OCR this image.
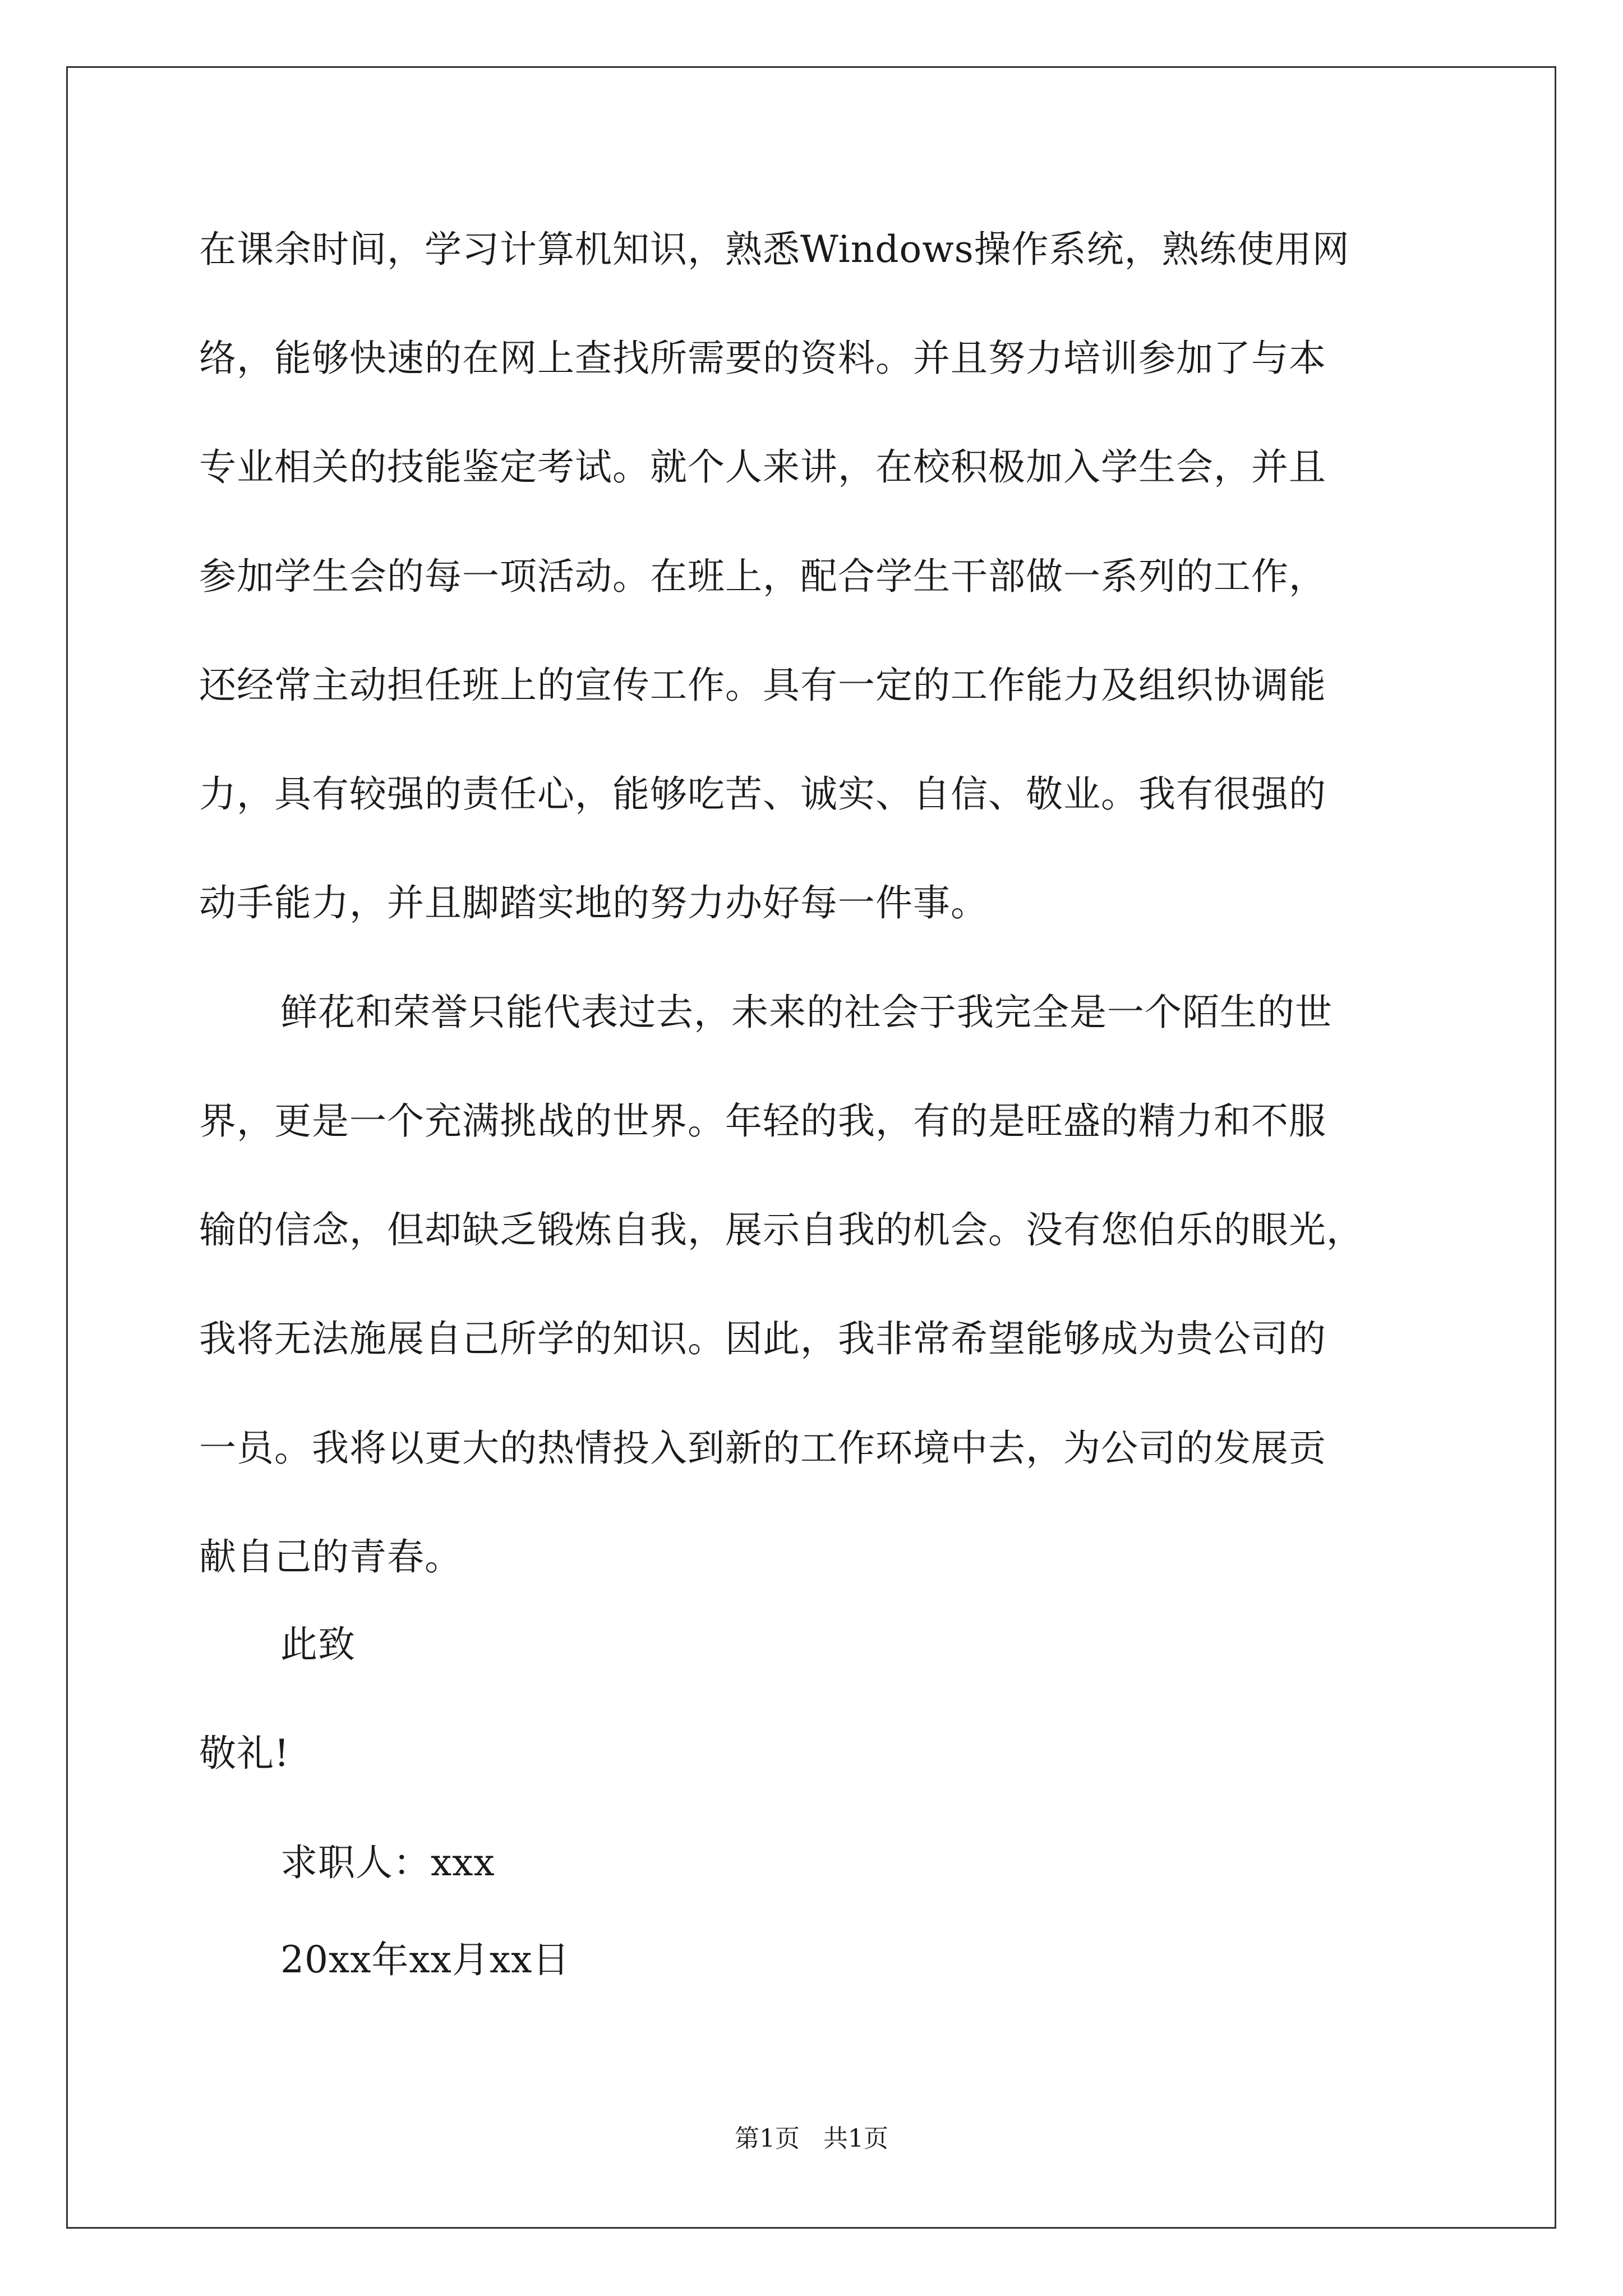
在课余时间，学习计算机知识，熟悉Windows操作系统，熟练使用网
络，能够快速的在网上查找所需要的资料。并且努力培训参加了与本
专业相关的技能鉴定考试。就个人来讲，在校积极加入学生会，并且
参加学生会的每一项活动。在班上，配合学生干部做一系列的工作，
还经常主动担任班上的宣传工作。具有一定的工作能力及组织协调能
力，具有较强的责任心，能够吃苦、诚实、自信、敬业。我有很强的
动手能力，并且脚踏实地的努力办好每一件事。
鲜花和荣誉只能代表过去，未来的社会于我完全是一个陌生的世
界，更是一个充满挑战的世界。年轻的我，有的是旺盛的精力和不服
输的信念，但却缺乏锻炼自我，展示自我的机会。没有您伯乐的眼光，
我将无法施展自己所学的知识。因此，我非常希望能够成为贵公司的
一员。我将以更大的热情投入到新的工作环境中去，为公司的发展贡
献自己的青春。
此致
敬礼!
求职人：xxx
20xx年xx月xx日
第1页   共1页
